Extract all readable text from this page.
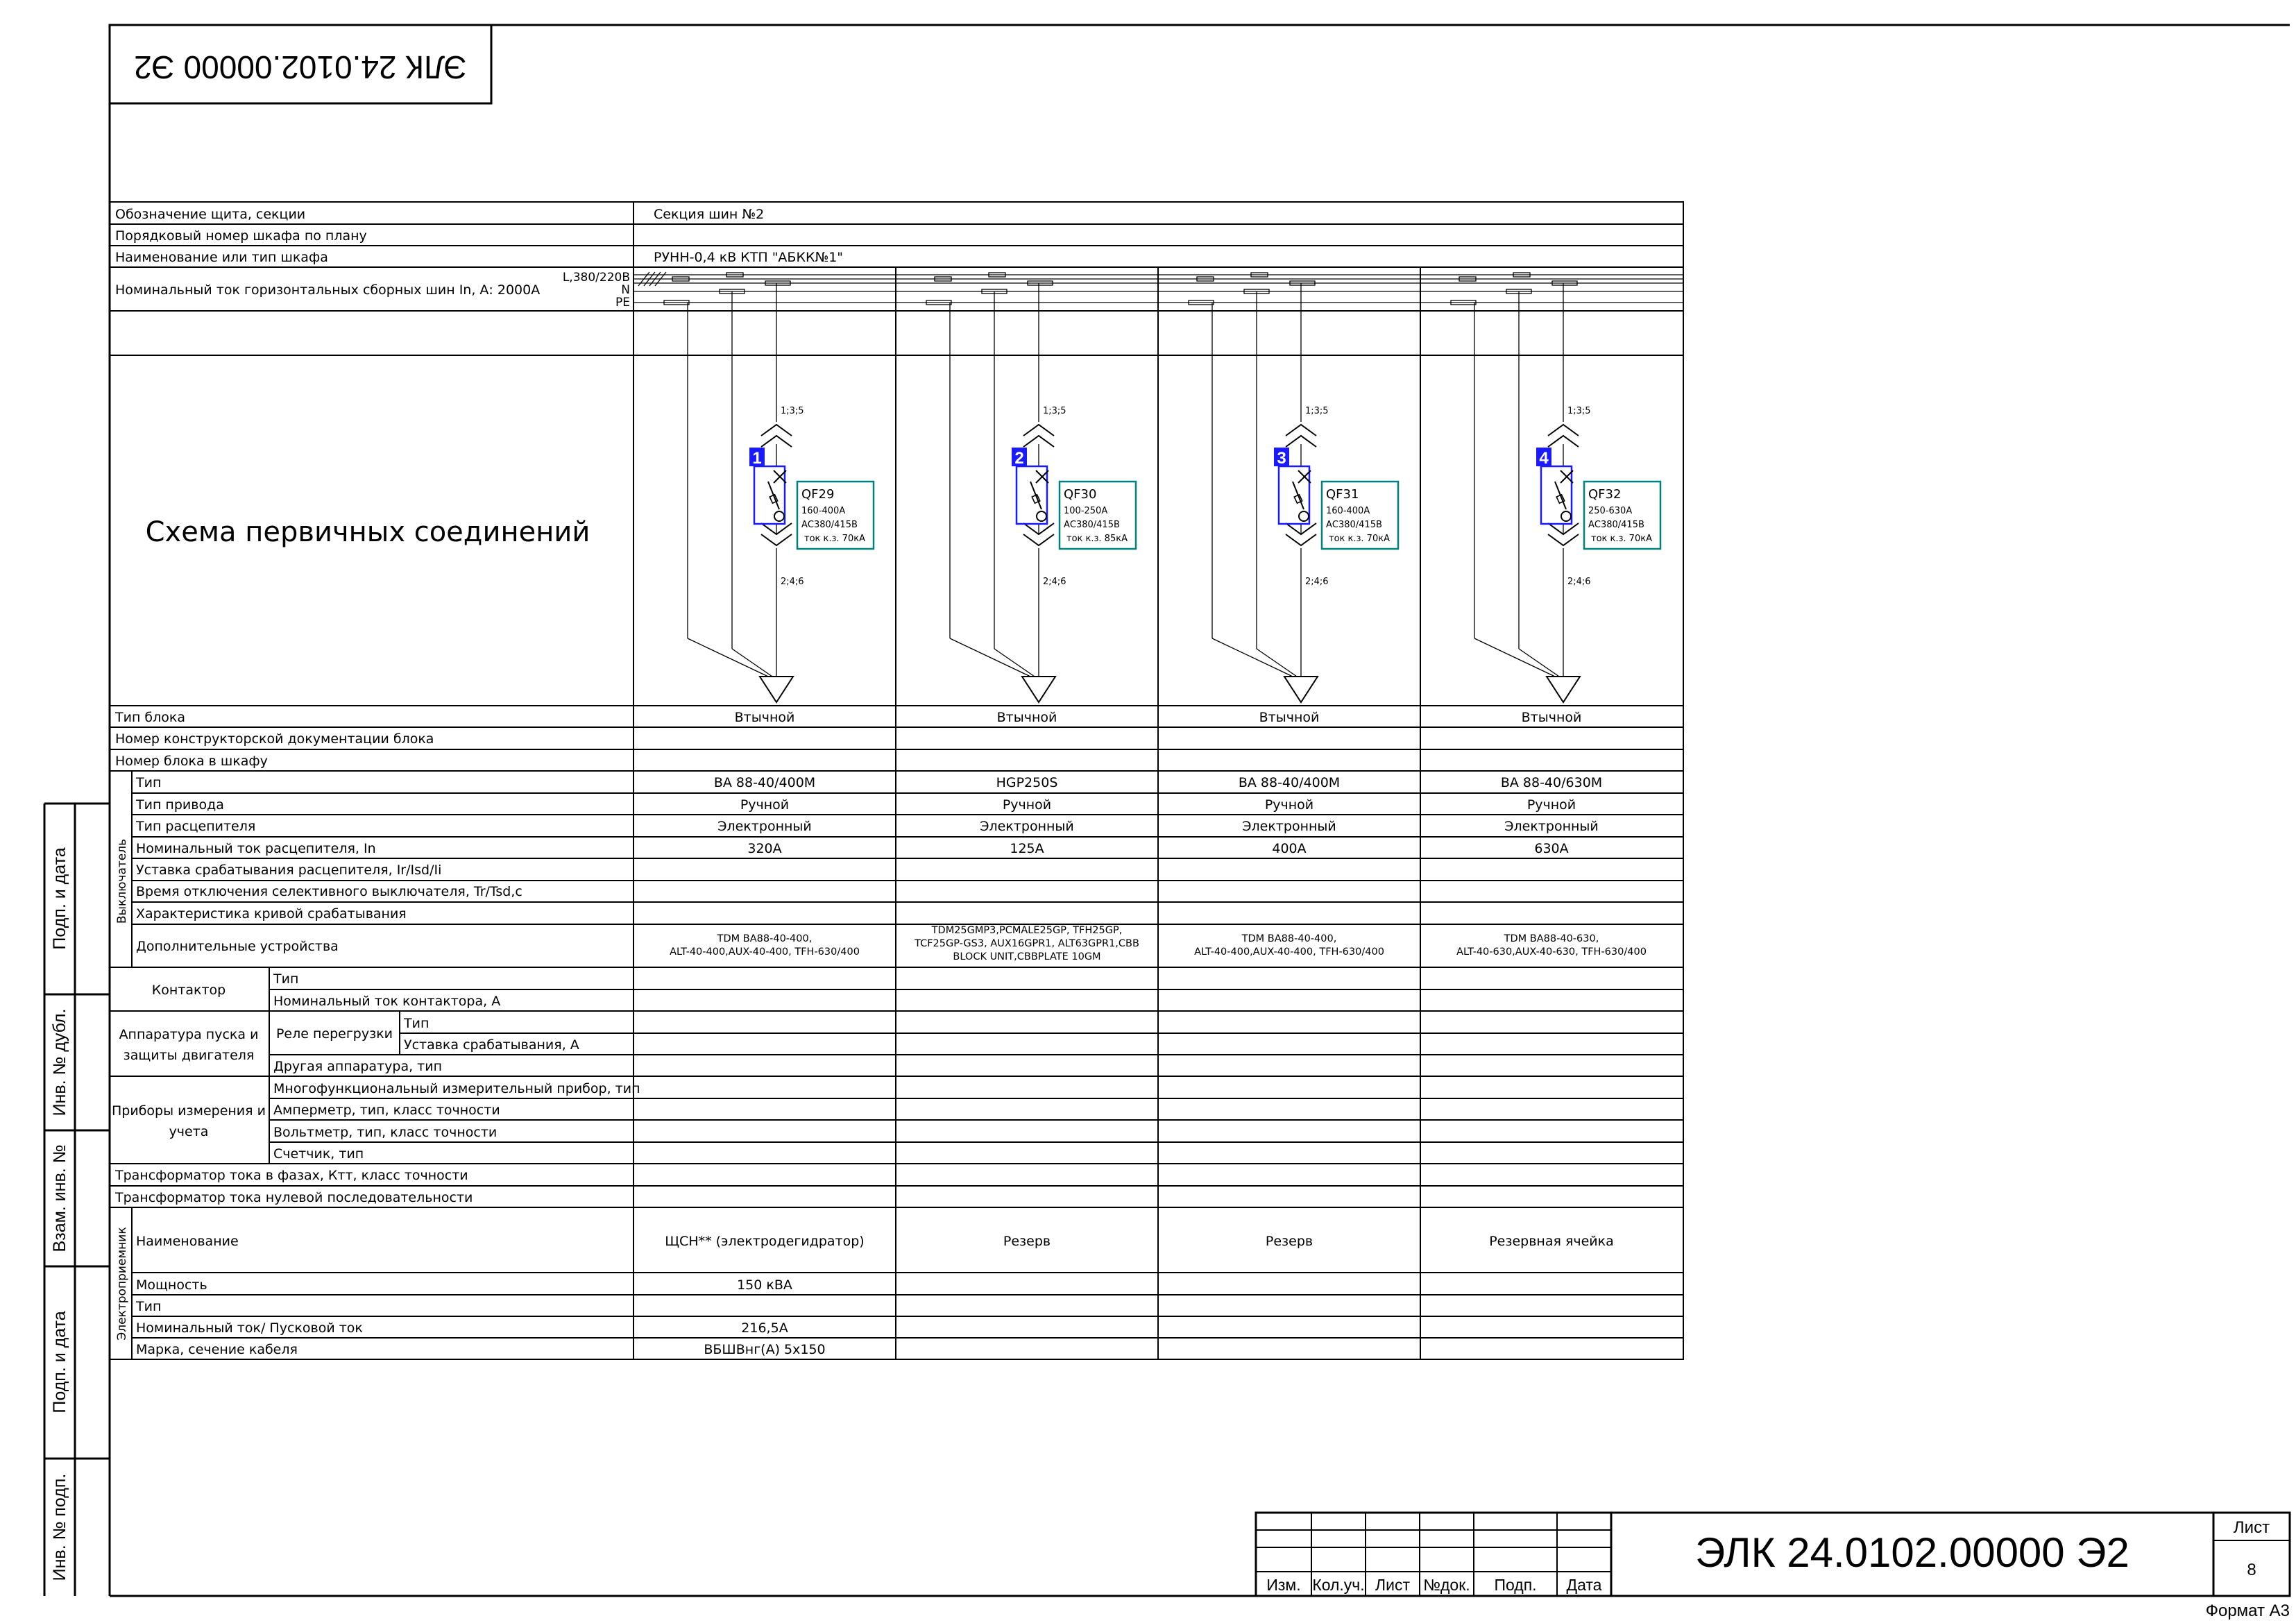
ЭЛК 24.0102.00000 Э2
Подп. и дата
Инв. № дубл.
Взам. инв. №
Подп. и дата
Инв. № подп.
Обозначение щита, секции	Секция шин №2
Порядковый номер шкафа по плану
Наименование или тип шкафа	РУНН-0,4 кВ КТП "АБКК№1"
Номинальный ток горизонтальных сборных шин In, А: 2000А
L,380/220В
N
PE
Схема первичных соединений
1;3;5
2;4;6
1
QF29
160-400А
АС380/415В
ток к.з. 70кА
Втычной
ВА 88-40/400М
Ручной
Электронный
320А
TDM ВА88-40-400,
ALT-40-400,AUX-40-400, TFH-630/400
ЩСН** (электродегидратор)
150 кВА
216,5А
ВБШВнг(А) 5х150
1;3;5
2;4;6
2
QF30
100-250А
АС380/415В
ток к.з. 85кА
Втычной
HGP250S
Ручной
Электронный
125А
TDM25GMP3,PCMALE25GP, TFH25GP,
TCF25GP-GS3, AUX16GPR1, ALT63GPR1,CBB
BLOCK UNIT,CBBPLATE 10GM
Резерв
1;3;5
2;4;6
3
QF31
160-400А
АС380/415В
ток к.з. 70кА
Втычной
ВА 88-40/400М
Ручной
Электронный
400А
TDM ВА88-40-400,
ALT-40-400,AUX-40-400, TFH-630/400
Резерв
1;3;5
2;4;6
4
QF32
250-630А
АС380/415В
ток к.з. 70кА
Втычной
ВА 88-40/630М
Ручной
Электронный
630А
TDM ВА88-40-630,
ALT-40-630,AUX-40-630, TFH-630/400
Резервная ячейка
Тип блока
Номер конструкторской документации блока
Номер блока в шкафу
Выключатель
Тип
Тип привода
Тип расцепителя
Номинальный ток расцепителя, In
Уставка срабатывания расцепителя, Ir/Isd/Ii
Время отключения селективного выключателя, Tr/Tsd,c
Характеристика кривой срабатывания
Дополнительные устройства
Контактор
Тип
Номинальный ток контактора, А
Аппаратура пуска и
защиты двигателя
Реле перегрузки
Тип
Уставка срабатывания, А
Другая аппаратура, тип
Приборы измерения и
учета
Многофункциональный измерительный прибор, тип
Амперметр, тип, класс точности
Вольтметр, тип, класс точности
Счетчик, тип
Трансформатор тока в фазах, Ктт, класс точности
Трансформатор тока нулевой последовательности
Электроприемник Наименование
Мощность
Тип
Номинальный ток/ Пусковой ток
Марка, сечение кабеля
Изм. Кол.уч. Лист №док. Подп. Дата
ЭЛК 24.0102.00000 Э2
Лист
8
Формат А3
